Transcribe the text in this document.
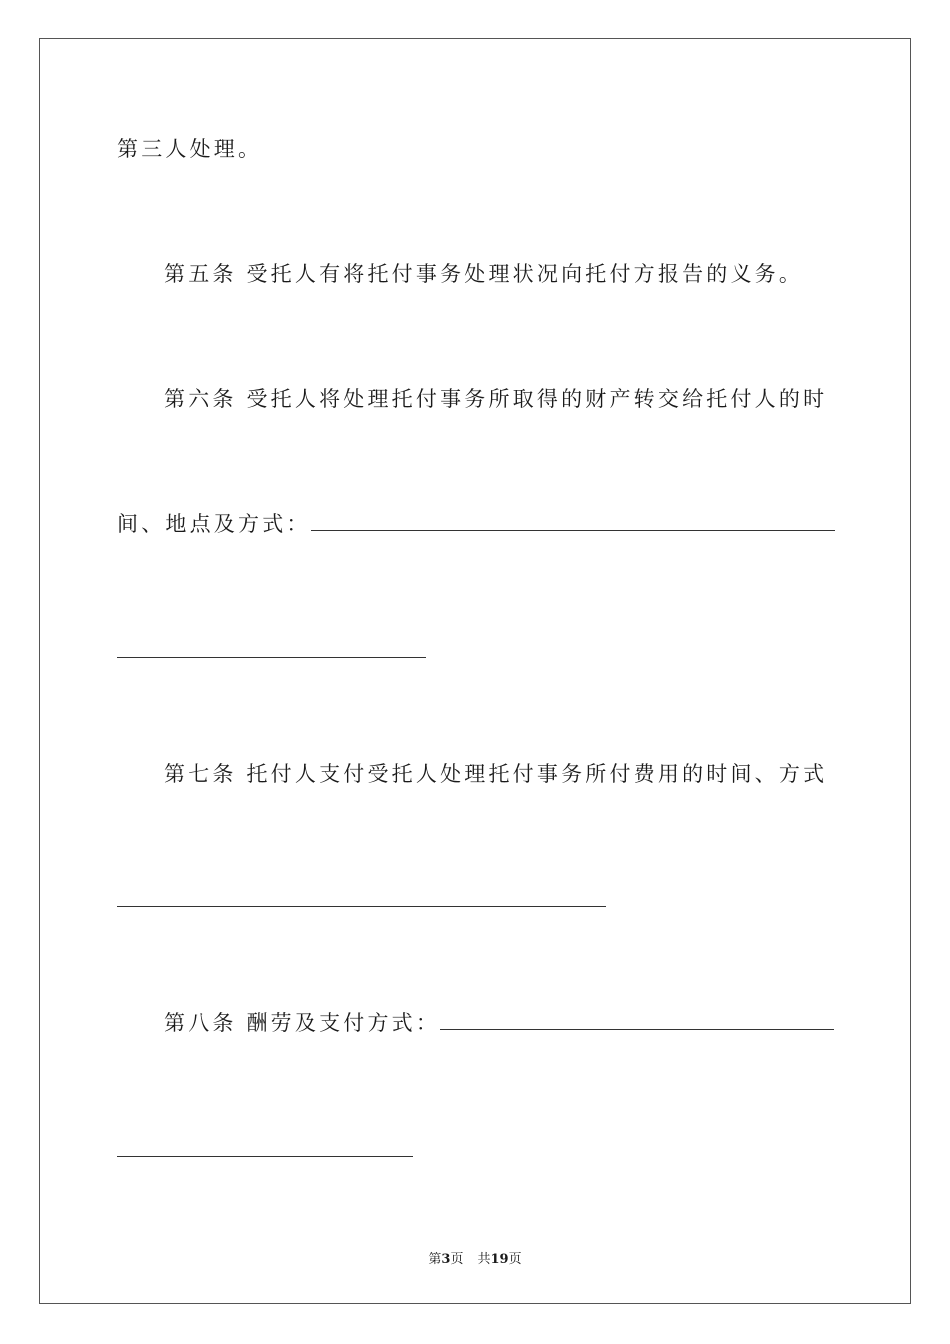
第三人处理。
第五条 受托人有将托付事务处理状况向托付方报告的义务。
第六条 受托人将处理托付事务所取得的财产转交给托付人的时
间、地点及方式：
第七条 托付人支付受托人处理托付事务所付费用的时间、方式
第八条 酬劳及支付方式：
第3页 共19页
